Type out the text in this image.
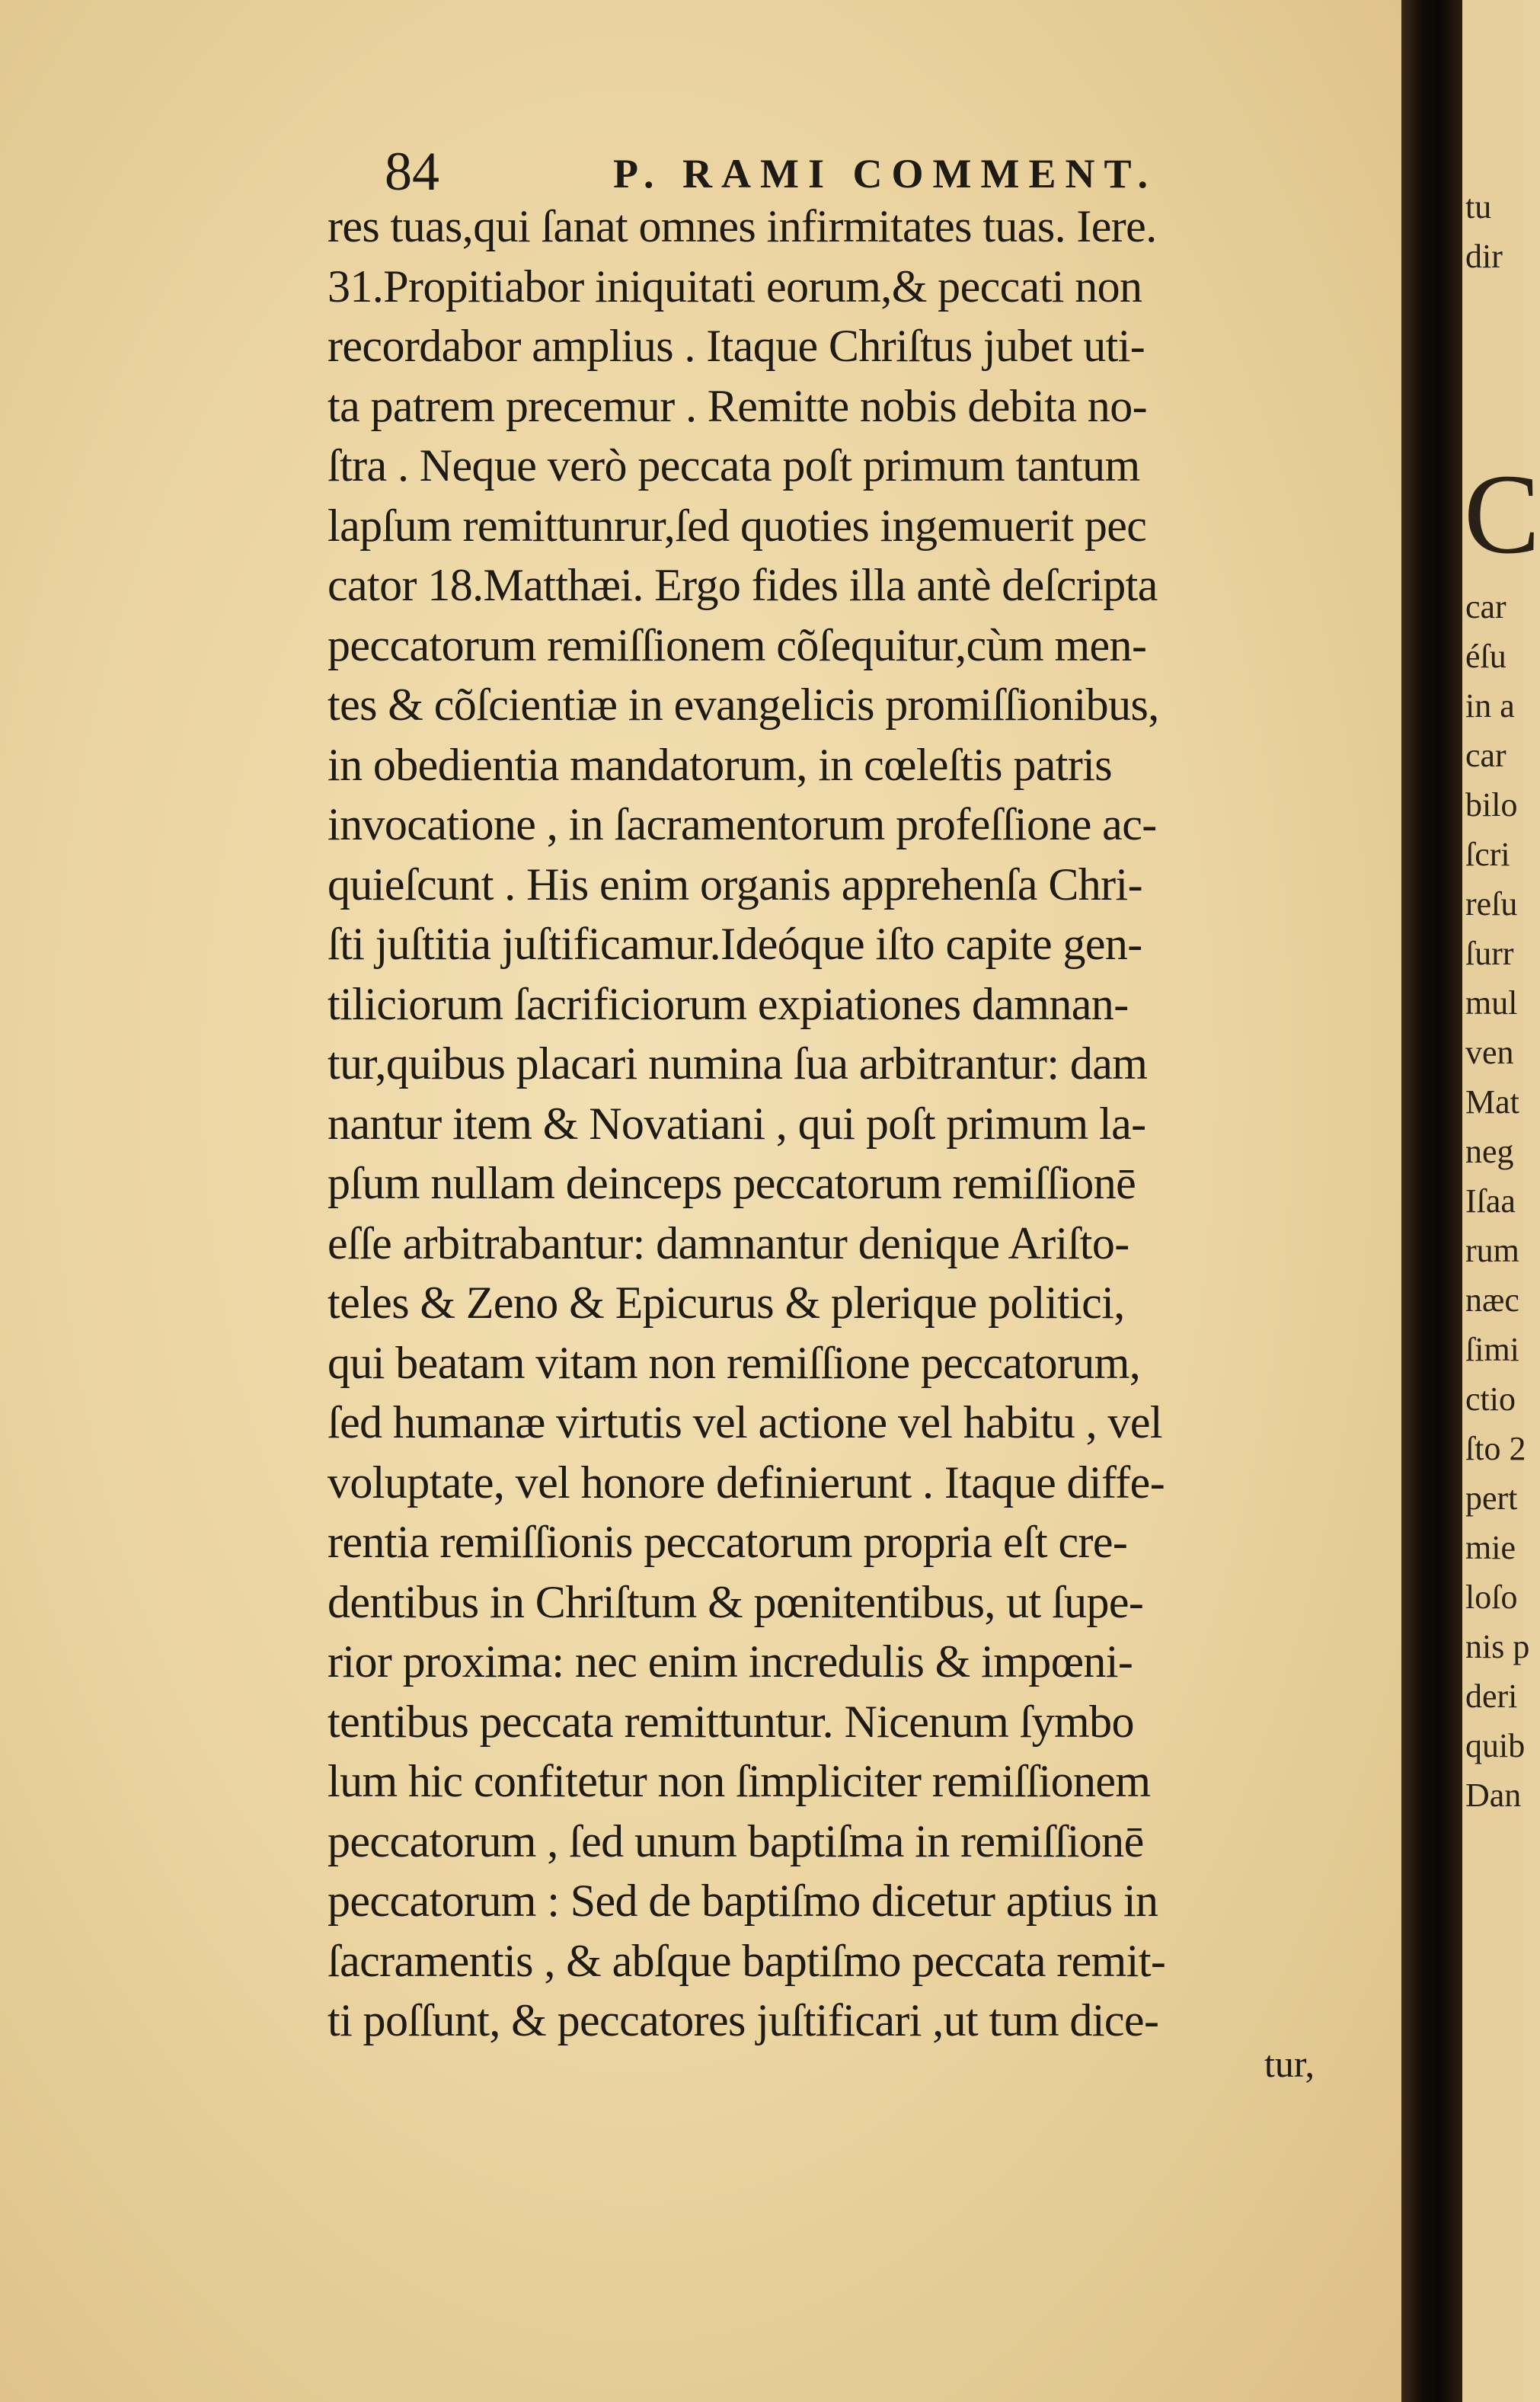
84	P. RAMI COMMENT.
res tuas,qui ſanat omnes infirmitates tuas. Iere.
31.Propitiabor iniquitati eorum,& peccati non
recordabor amplius . Itaque Chriſtus jubet uti-
ta patrem precemur . Remitte nobis debita no-
ſtra . Neque verò peccata poſt primum tantum
lapſum remittunrur,ſed quoties ingemuerit pec
cator 18.Matthæi. Ergo fides illa antè deſcripta
peccatorum remiſſionem cõſequitur,cùm men-
tes & cõſcientiæ in evangelicis promiſſionibus,
in obedientia mandatorum, in cœleſtis patris
invocatione , in ſacramentorum profeſſione ac-
quieſcunt . His enim organis apprehenſa Chri-
ſti juſtitia juſtificamur.Ideóque iſto capite gen-
tiliciorum ſacrificiorum expiationes damnan-
tur,quibus placari numina ſua arbitrantur: dam
nantur item & Novatiani , qui poſt primum la-
pſum nullam deinceps peccatorum remiſſionē
eſſe arbitrabantur: damnantur denique Ariſto-
teles & Zeno & Epicurus & plerique politici,
qui beatam vitam non remiſſione peccatorum,
ſed humanæ virtutis vel actione vel habitu , vel
voluptate, vel honore definierunt . Itaque diffe-
rentia remiſſionis peccatorum propria eſt cre-
dentibus in Chriſtum & pœnitentibus, ut ſupe-
rior proxima: nec enim incredulis & impœni-
tentibus peccata remittuntur. Nicenum ſymbo
lum hic confitetur non ſimpliciter remiſſionem
peccatorum , ſed unum baptiſma in remiſſionē
peccatorum : Sed de baptiſmo dicetur aptius in
ſacramentis , & abſque baptiſmo peccata remit-
ti poſſunt, & peccatores juſtificari ,ut tum dice-
tur,
C
tu
dir
car
éſu
in a
car
bilo
ſcri
reſu
ſurr
mul
ven
Mat
neg
Iſaa
rum
næc
ſimi
ctio
ſto 2
pert
mie
loſo
nis p
deri
quib
Dan
